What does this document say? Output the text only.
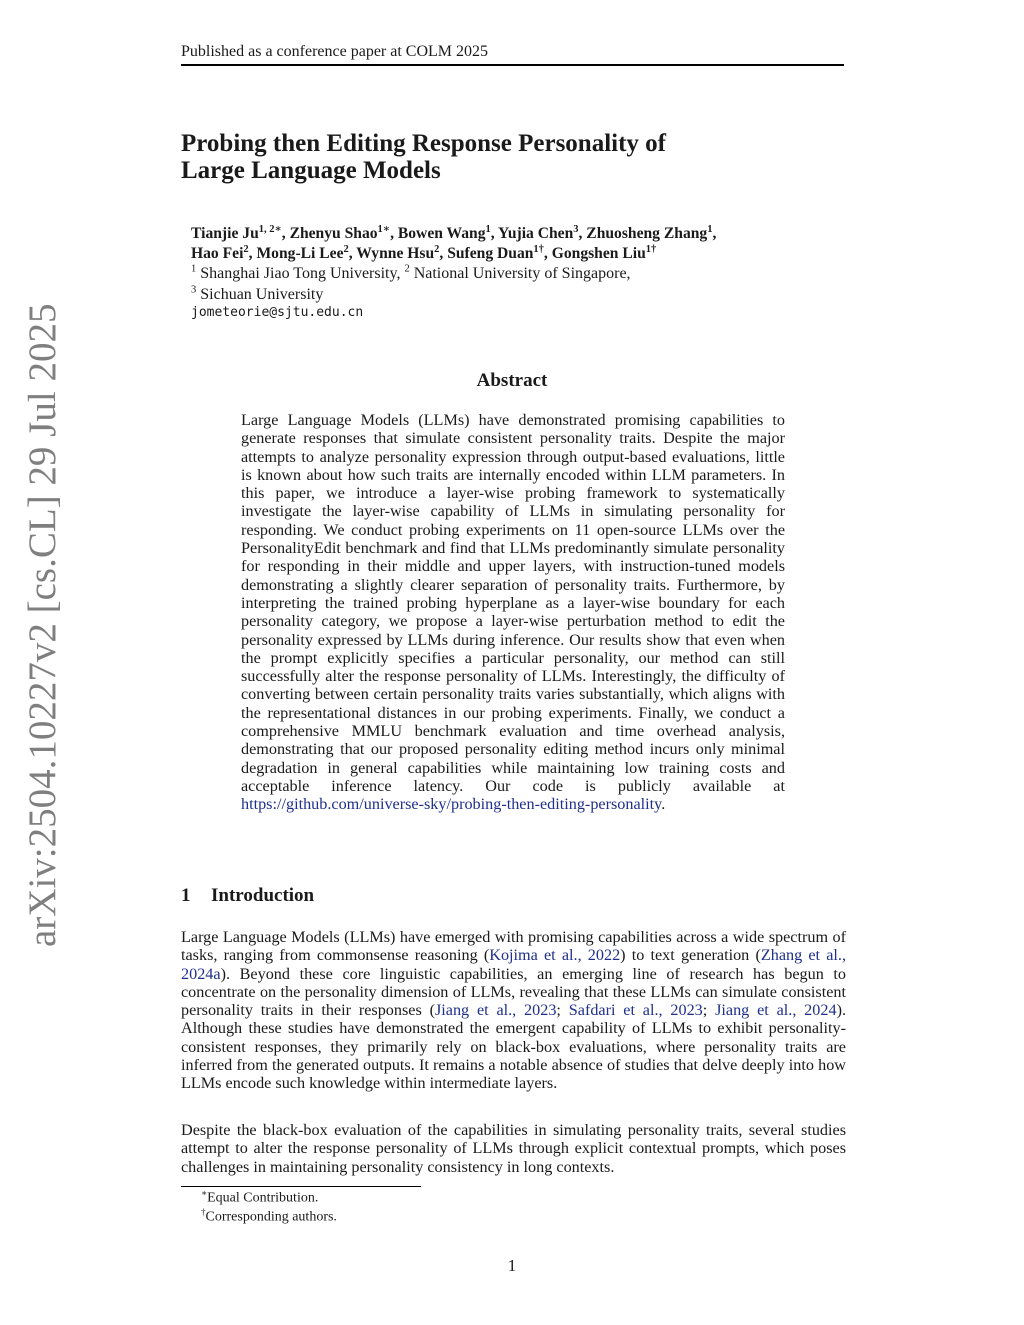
Published as a conference paper at COLM 2025
Probing then Editing Response Personality of
Large Language Models
Tianjie $Ju^{1, 2∗}$, Zhenyu Shao$^{1∗}$, Bowen Wang$^1$, Yujia Chen$^3$, Zhuosheng Zhang$^1$,
Hao Fei$^2$, Mong-Li Lee$^2$, Wynne Hsu$^2$, Sufeng Duan$^{1\dagger}$, Gongshen Liu$^{1\dagger}$
$^1$ Shanghai Jiao Tong University, $^2$ National University of Singapore,
$^3$ Sichuan University
jometeorie@sjtu.edu.cn
arXiv:2504.10227v2 [cs.CL] 29 Jul 2025	Abstract
Large Language Models (LLMs) have demonstrated promising capabilities to generate responses that simulate consistent personality traits. Despite the major attempts to analyze personality expression through output-based evaluations, little is known about how such traits are internally encoded within LLM parameters. In this paper, we introduce a layer-wise probing framework to systematically investigate the layer-wise capability of LLMs in simulating personality for responding. We conduct probing experiments on 11 open-source LLMs over the PersonalityEdit benchmark and find that LLMs predominantly simulate personality for responding in their middle and upper layers, with instruction-tuned models demonstrating a slightly clearer separation of personality traits. Furthermore, by interpreting the trained probing hyperplane as a layer-wise boundary for each personality category, we propose a layer-wise perturbation method to edit the personality expressed by LLMs during inference. Our results show that even when the prompt explicitly specifies a particular personality, our method can still successfully alter the response personality of LLMs. Interestingly, the difficulty of converting between certain personality traits varies substantially, which aligns with the representational distances in our probing experiments. Finally, we conduct a comprehensive MMLU benchmark evaluation and time overhead analysis, demonstrating that our proposed personality editing method incurs only minimal degradation in general capabilities while maintaining low training costs and acceptable inference latency. Our code is publicly available at https://github.com/universe-sky/probing-then-editing-personality.
1 Introduction
Large Language Models (LLMs) have emerged with promising capabilities across a wide spectrum of tasks, ranging from commonsense reasoning (Kojima et al., 2022) to text generation (Zhang et al., 2024a). Beyond these core linguistic capabilities, an emerging line of research has begun to concentrate on the personality dimension of LLMs, revealing that these LLMs can simulate consistent personality traits in their responses (Jiang et al., 2023; Safdari et al., 2023; Jiang et al., 2024). Although these studies have demonstrated the emergent capability of LLMs to exhibit personality-consistent responses, they primarily rely on black-box evaluations, where personality traits are inferred from the generated outputs. It remains a notable absence of studies that delve deeply into how LLMs encode such knowledge within intermediate layers.
Despite the black-box evaluation of the capabilities in simulating personality traits, several studies attempt to alter the response personality of LLMs through explicit contextual prompts, which poses challenges in maintaining personality consistency in long contexts.
∗Equal Contribution.
†Corresponding authors.
1
